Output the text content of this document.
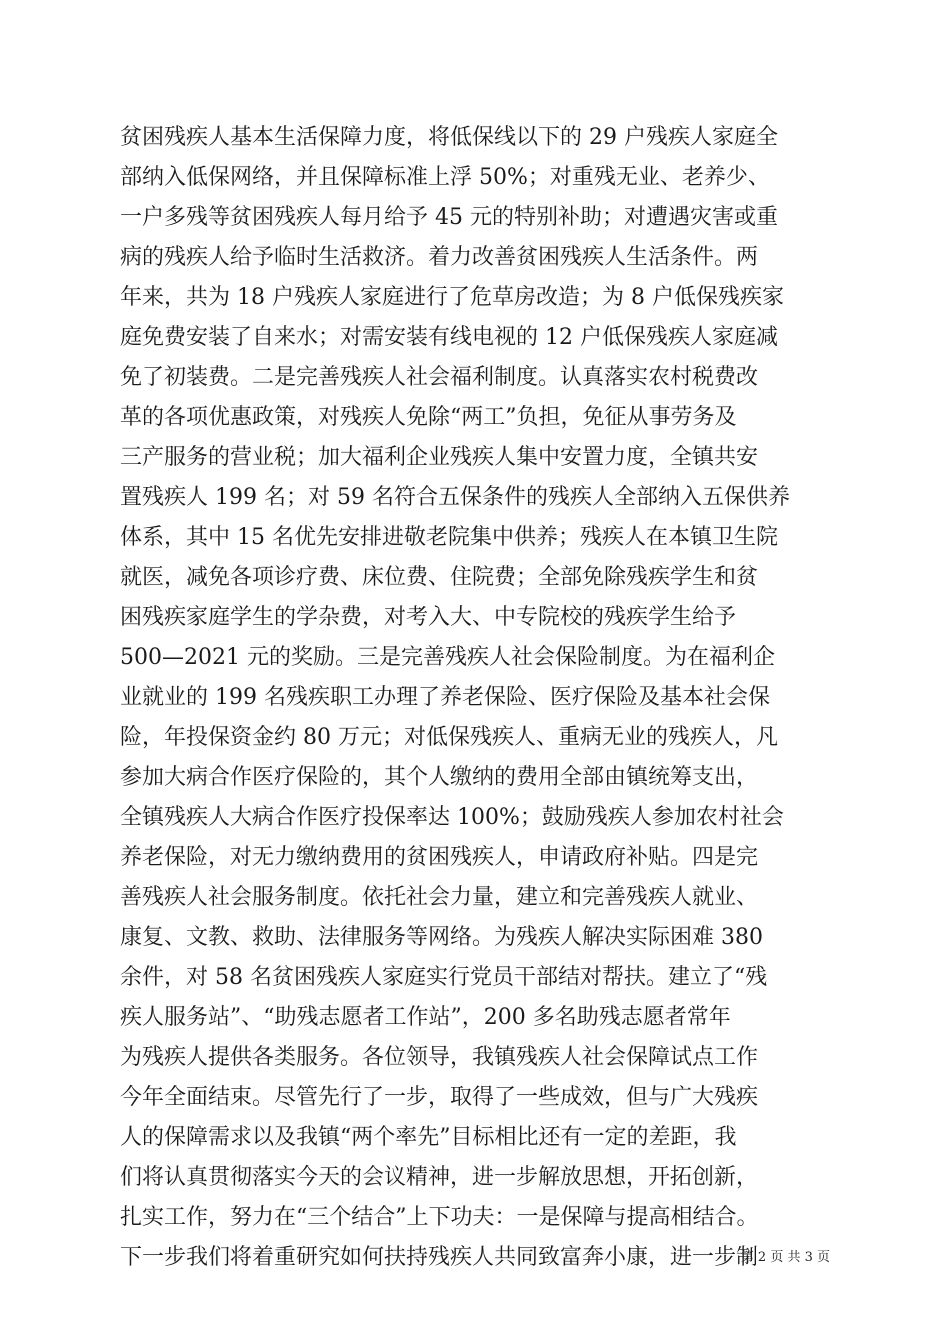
贫困残疾人基本生活保障力度，将低保线以下的 29 户残疾人家庭全
部纳入低保网络，并且保障标准上浮 50%；对重残无业、老养少、
一户多残等贫困残疾人每月给予 45 元的特别补助；对遭遇灾害或重
病的残疾人给予临时生活救济。着力改善贫困残疾人生活条件。两
年来，共为 18 户残疾人家庭进行了危草房改造；为 8 户低保残疾家
庭免费安装了自来水；对需安装有线电视的 12 户低保残疾人家庭减
免了初装费。二是完善残疾人社会福利制度。认真落实农村税费改
革的各项优惠政策，对残疾人免除“两工”负担，免征从事劳务及
三产服务的营业税；加大福利企业残疾人集中安置力度，全镇共安
置残疾人 199 名；对 59 名符合五保条件的残疾人全部纳入五保供养
体系，其中 15 名优先安排进敬老院集中供养；残疾人在本镇卫生院
就医，减免各项诊疗费、床位费、住院费；全部免除残疾学生和贫
困残疾家庭学生的学杂费，对考入大、中专院校的残疾学生给予
500—2021 元的奖励。三是完善残疾人社会保险制度。为在福利企
业就业的 199 名残疾职工办理了养老保险、医疗保险及基本社会保
险，年投保资金约 80 万元；对低保残疾人、重病无业的残疾人，凡
参加大病合作医疗保险的，其个人缴纳的费用全部由镇统筹支出，
全镇残疾人大病合作医疗投保率达 100%；鼓励残疾人参加农村社会
养老保险，对无力缴纳费用的贫困残疾人，申请政府补贴。四是完
善残疾人社会服务制度。依托社会力量，建立和完善残疾人就业、
康复、文教、救助、法律服务等网络。为残疾人解决实际困难 380
余件，对 58 名贫困残疾人家庭实行党员干部结对帮扶。建立了“残
疾人服务站”、“助残志愿者工作站”，200 多名助残志愿者常年
为残疾人提供各类服务。各位领导，我镇残疾人社会保障试点工作
今年全面结束。尽管先行了一步，取得了一些成效，但与广大残疾
人的保障需求以及我镇“两个率先”目标相比还有一定的差距，我
们将认真贯彻落实今天的会议精神，进一步解放思想，开拓创新，
扎实工作，努力在“三个结合”上下功夫：一是保障与提高相结合。
下一步我们将着重研究如何扶持残疾人共同致富奔小康，进一步制
第 2 页 共 3 页
